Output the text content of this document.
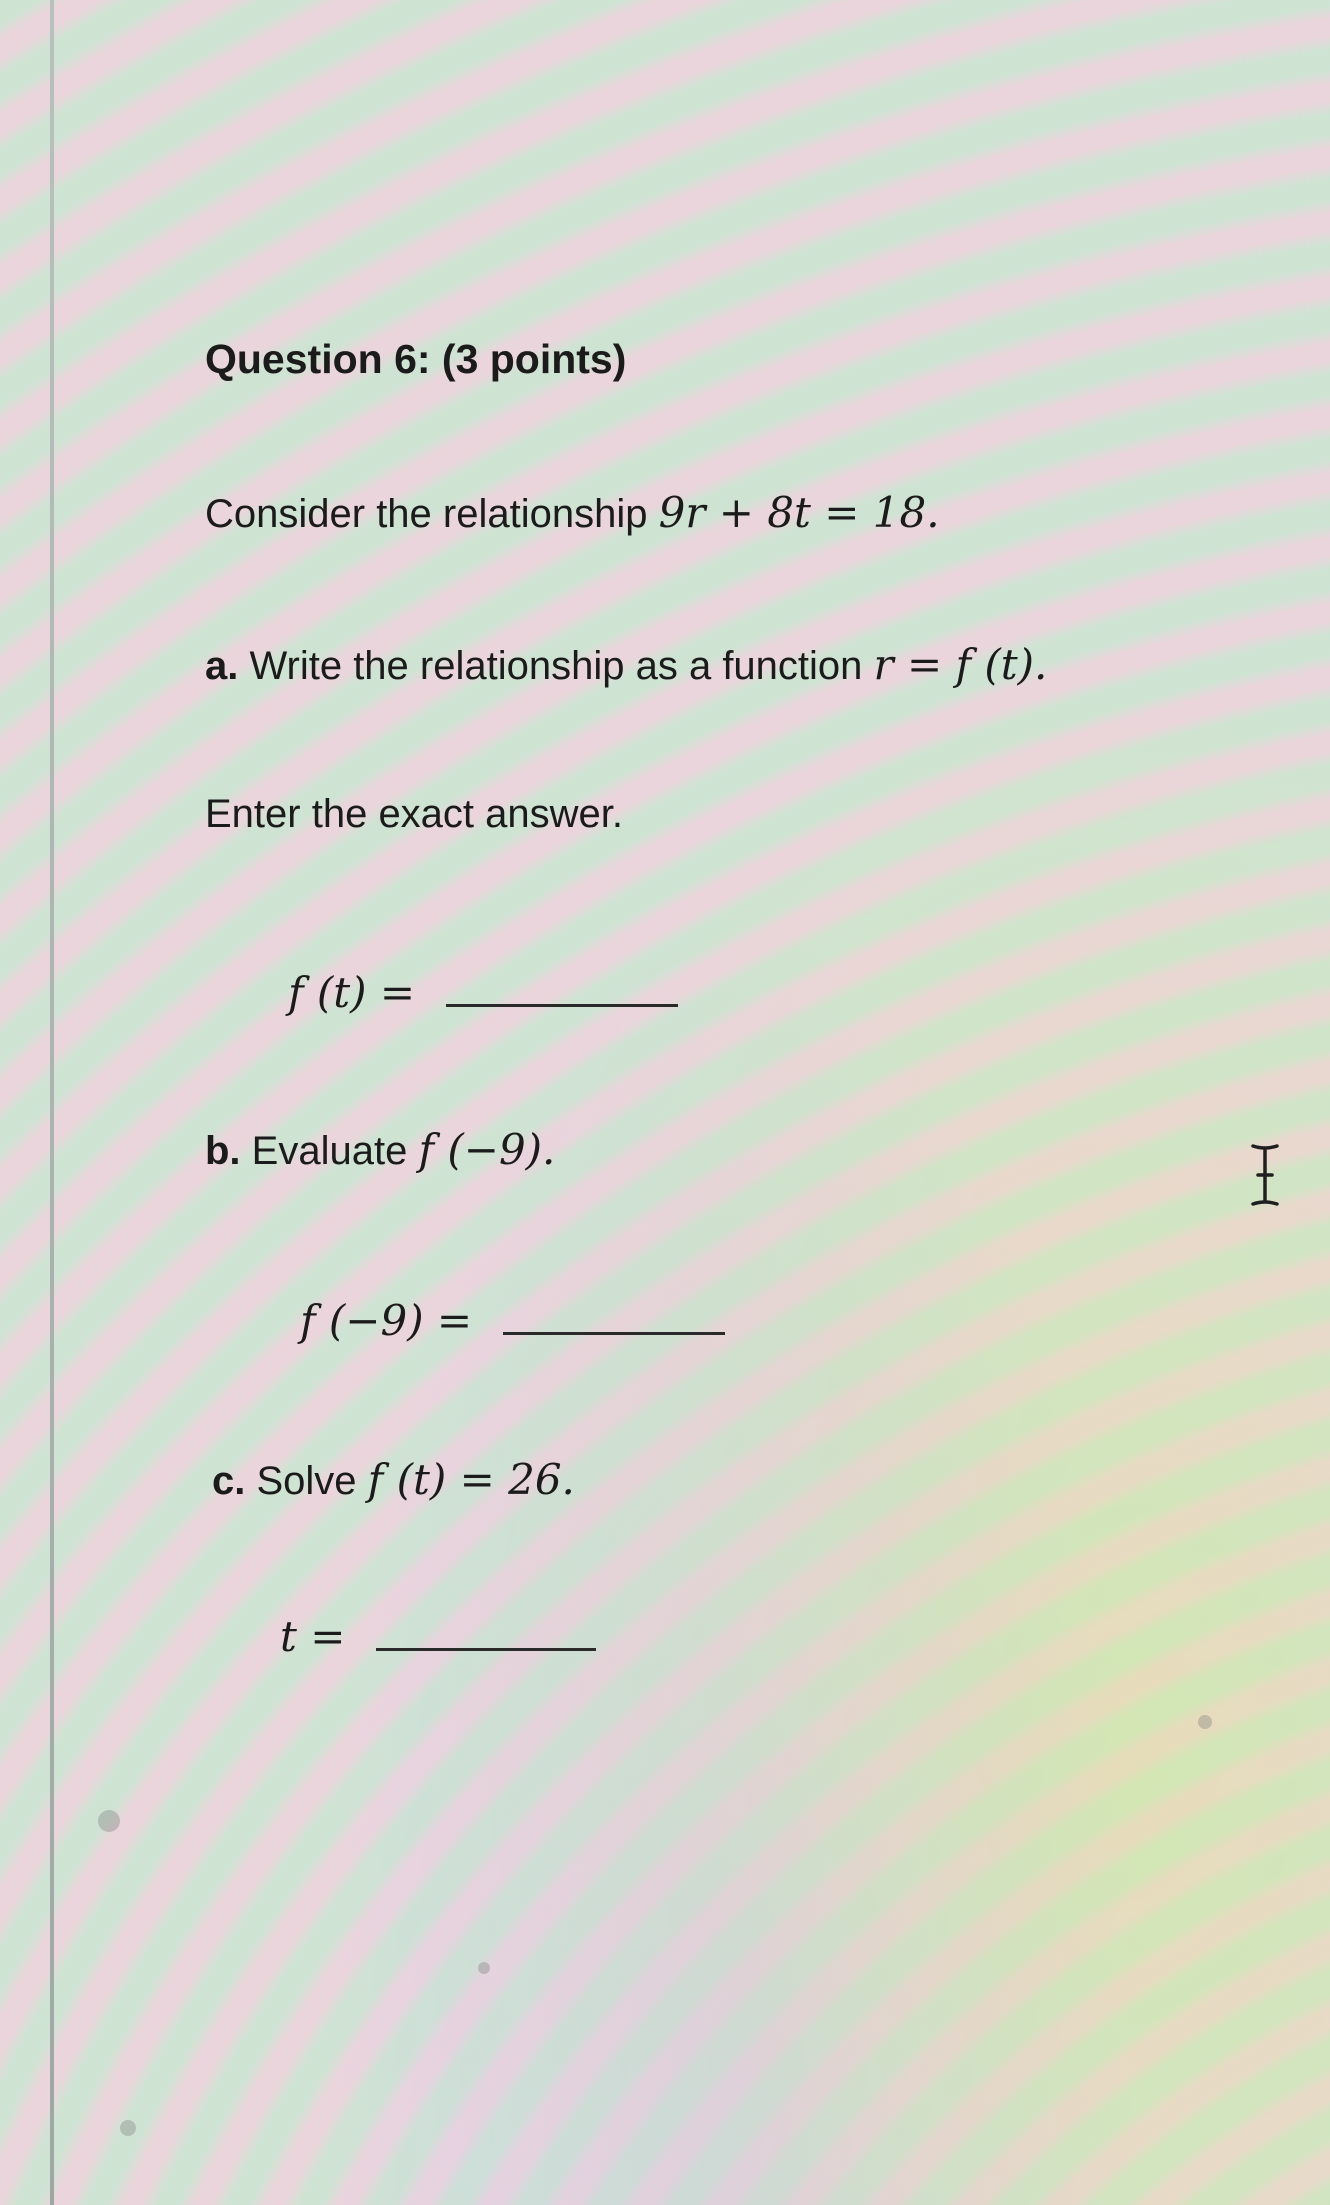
Question 6: (3 points)
Consider the relationship 9r + 8t = 18.
a. Write the relationship as a function r = f (t).
Enter the exact answer.
f (t) =
b. Evaluate f (−9).
f (−9) =
c. Solve f (t) = 26.
t =
